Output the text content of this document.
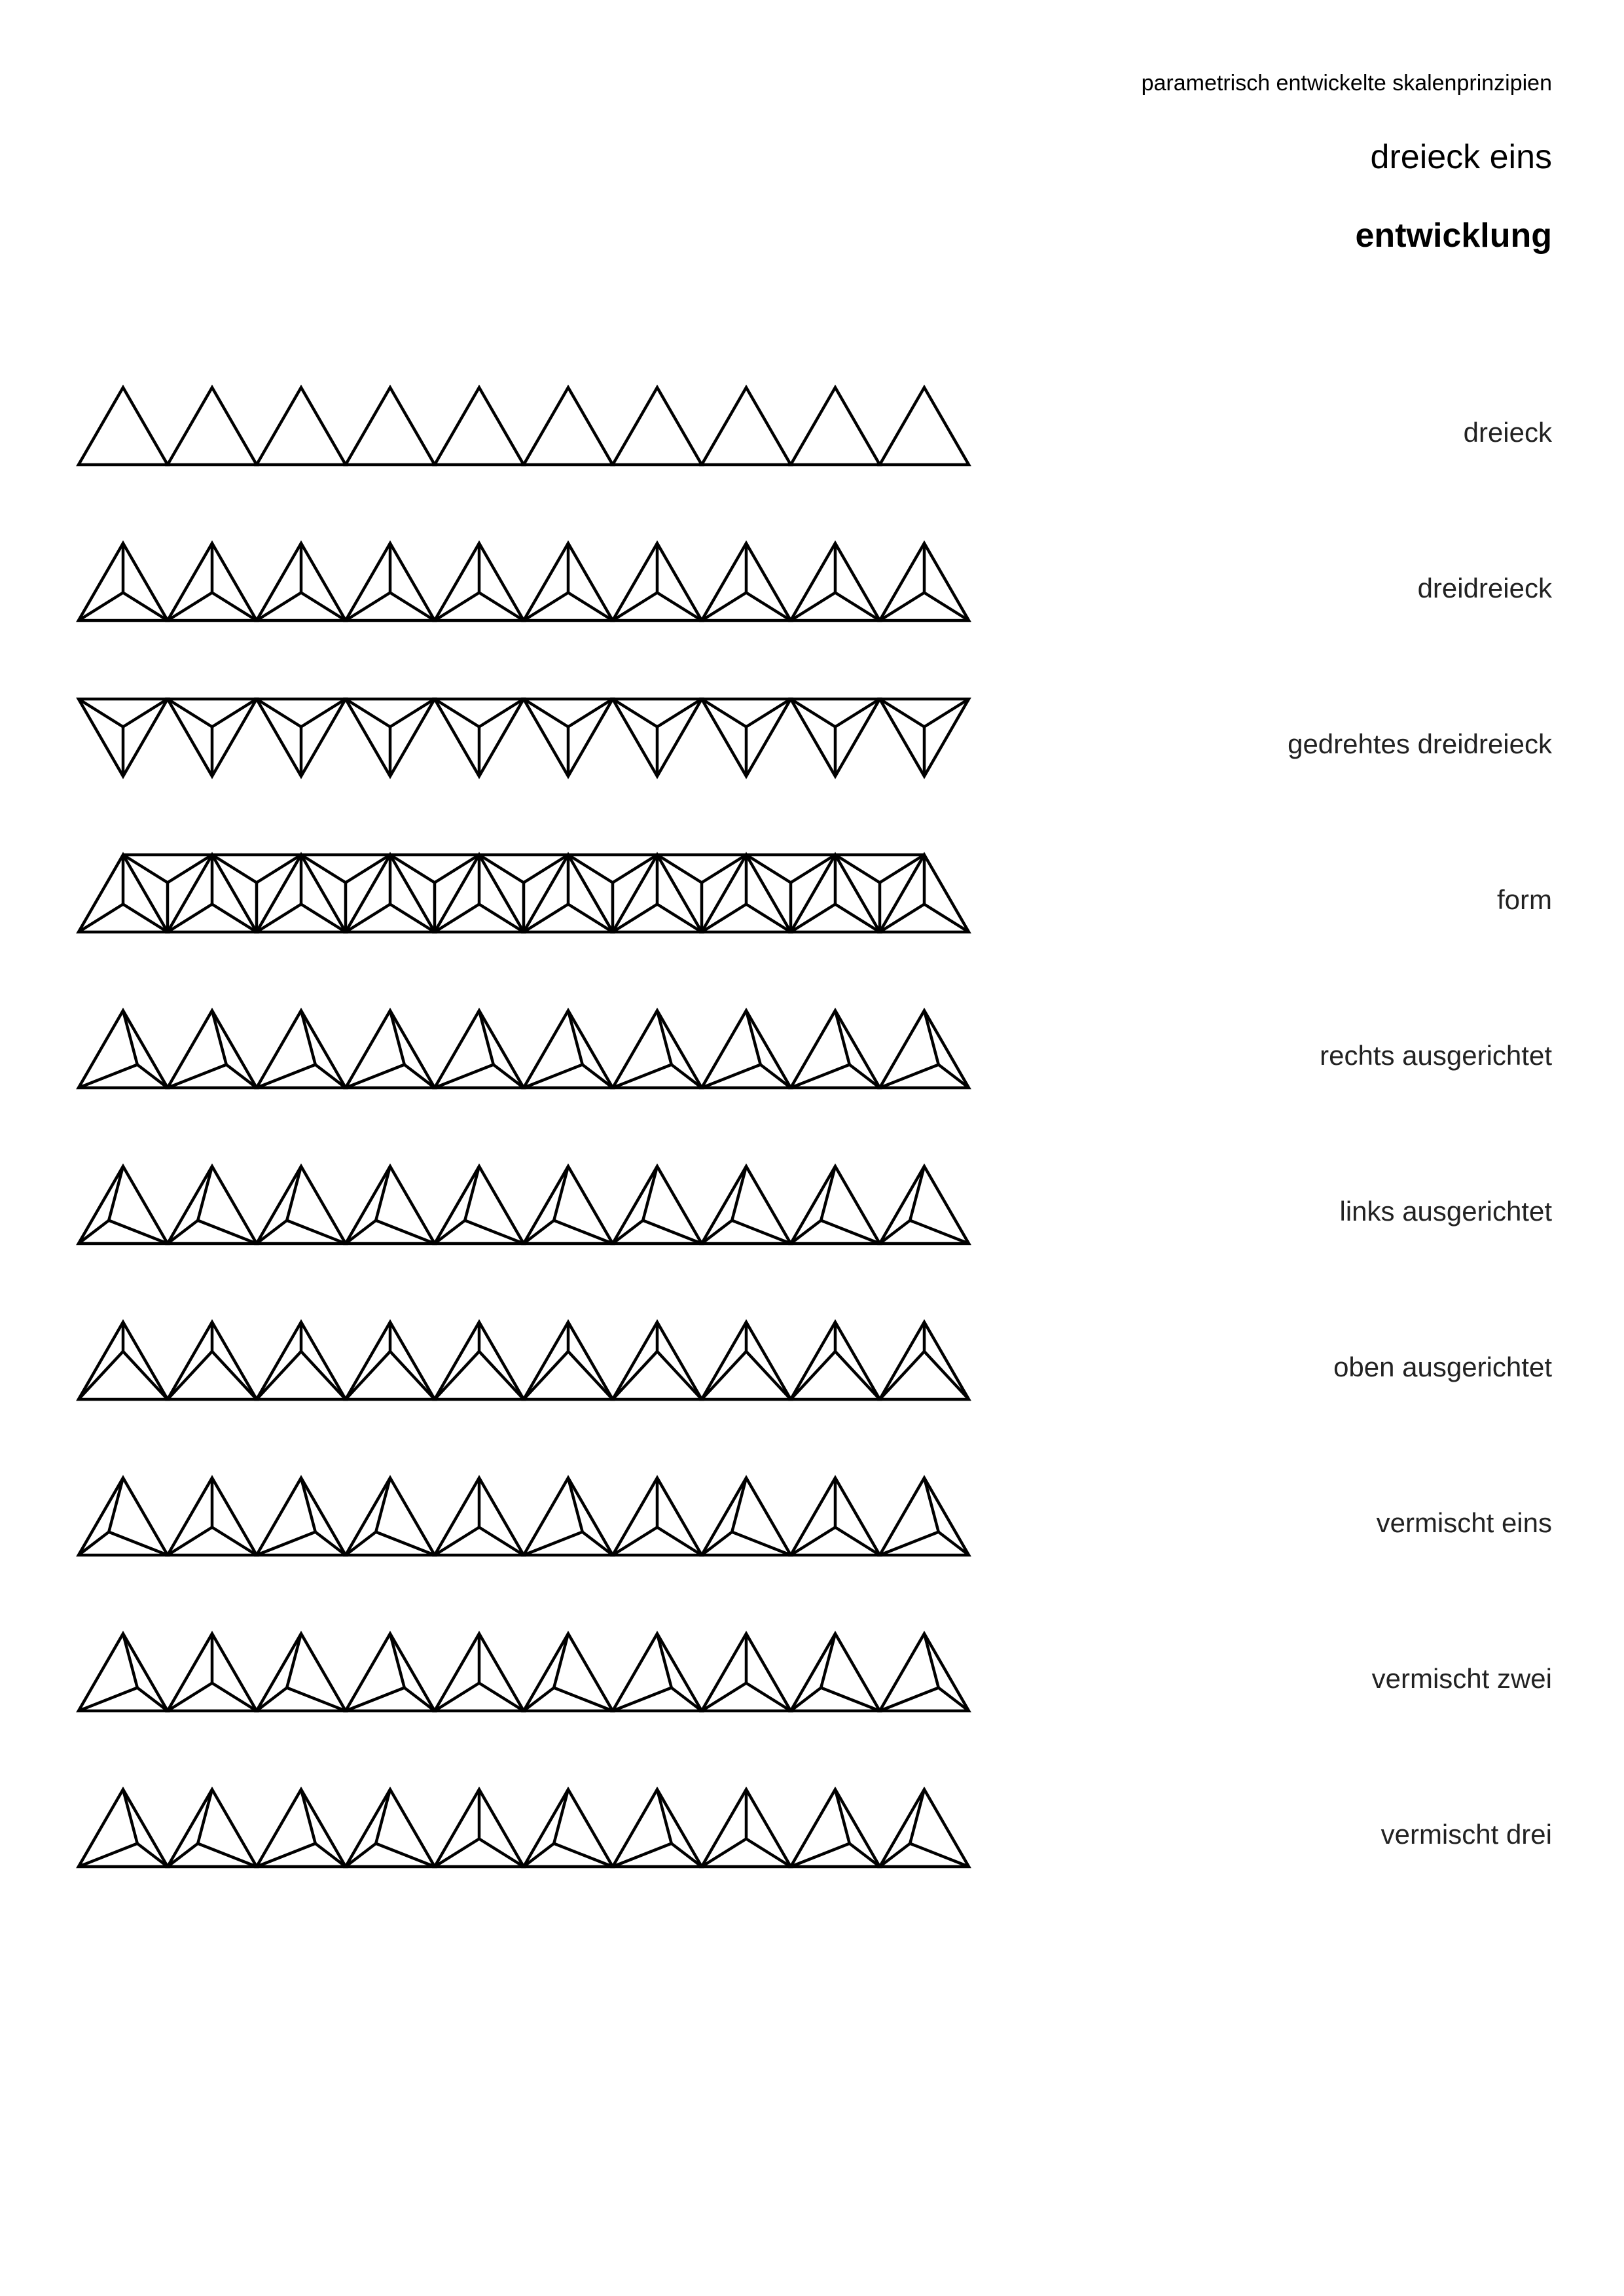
parametrisch entwickelte skalenprinzipien
dreieck eins
entwicklung
dreieck
dreidreieck
gedrehtes dreidreieck
form
rechts ausgerichtet
links ausgerichtet
oben ausgerichtet
vermischt eins
vermischt zwei
vermischt drei
